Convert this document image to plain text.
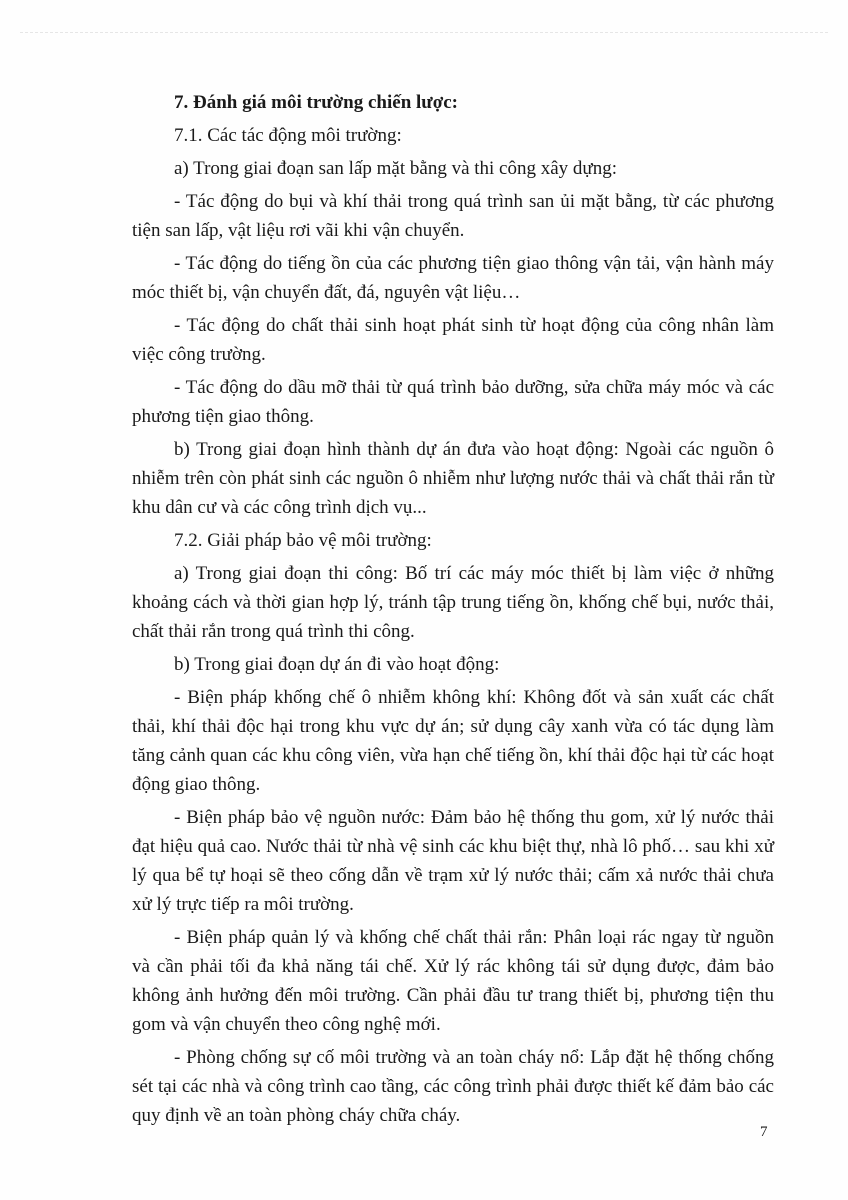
7. Đánh giá môi trường chiến lược:

7.1. Các tác động môi trường:

a) Trong giai đoạn san lấp mặt bằng và thi công xây dựng:

- Tác động do bụi và khí thải trong quá trình san ủi mặt bằng, từ các phương tiện san lấp, vật liệu rơi vãi khi vận chuyển.

- Tác động do tiếng ồn của các phương tiện giao thông vận tải, vận hành máy móc thiết bị, vận chuyển đất, đá, nguyên vật liệu…

- Tác động do chất thải sinh hoạt phát sinh từ hoạt động của công nhân làm việc công trường.

- Tác động do dầu mỡ thải từ quá trình bảo dưỡng, sửa chữa máy móc và các phương tiện giao thông.

b) Trong giai đoạn hình thành dự án đưa vào hoạt động: Ngoài các nguồn ô nhiễm trên còn phát sinh các nguồn ô nhiễm như lượng nước thải và chất thải rắn từ khu dân cư và các công trình dịch vụ...

7.2. Giải pháp bảo vệ môi trường:

a) Trong giai đoạn thi công: Bố trí các máy móc thiết bị làm việc ở những khoảng cách và thời gian hợp lý, tránh tập trung tiếng ồn, khống chế bụi, nước thải, chất thải rắn trong quá trình thi công.

b) Trong giai đoạn dự án đi vào hoạt động:

- Biện pháp khống chế ô nhiễm không khí: Không đốt và sản xuất các chất thải, khí thải độc hại trong khu vực dự án; sử dụng cây xanh vừa có tác dụng làm tăng cảnh quan các khu công viên, vừa hạn chế tiếng ồn, khí thải độc hại từ các hoạt động giao thông.

- Biện pháp bảo vệ nguồn nước: Đảm bảo hệ thống thu gom, xử lý nước thải đạt hiệu quả cao. Nước thải từ nhà vệ sinh các khu biệt thự, nhà lô phố… sau khi xử lý qua bể tự hoại sẽ theo cống dẫn về trạm xử lý nước thải; cấm xả nước thải chưa xử lý trực tiếp ra môi trường.

- Biện pháp quản lý và khống chế chất thải rắn: Phân loại rác ngay từ nguồn và cần phải tối đa khả năng tái chế. Xử lý rác không tái sử dụng được, đảm bảo không ảnh hưởng đến môi trường. Cần phải đầu tư trang thiết bị, phương tiện thu gom và vận chuyển theo công nghệ mới.

- Phòng chống sự cố môi trường và an toàn cháy nổ: Lắp đặt hệ thống chống sét tại các nhà và công trình cao tầng, các công trình phải được thiết kế đảm bảo các quy định về an toàn phòng cháy chữa cháy.

7
